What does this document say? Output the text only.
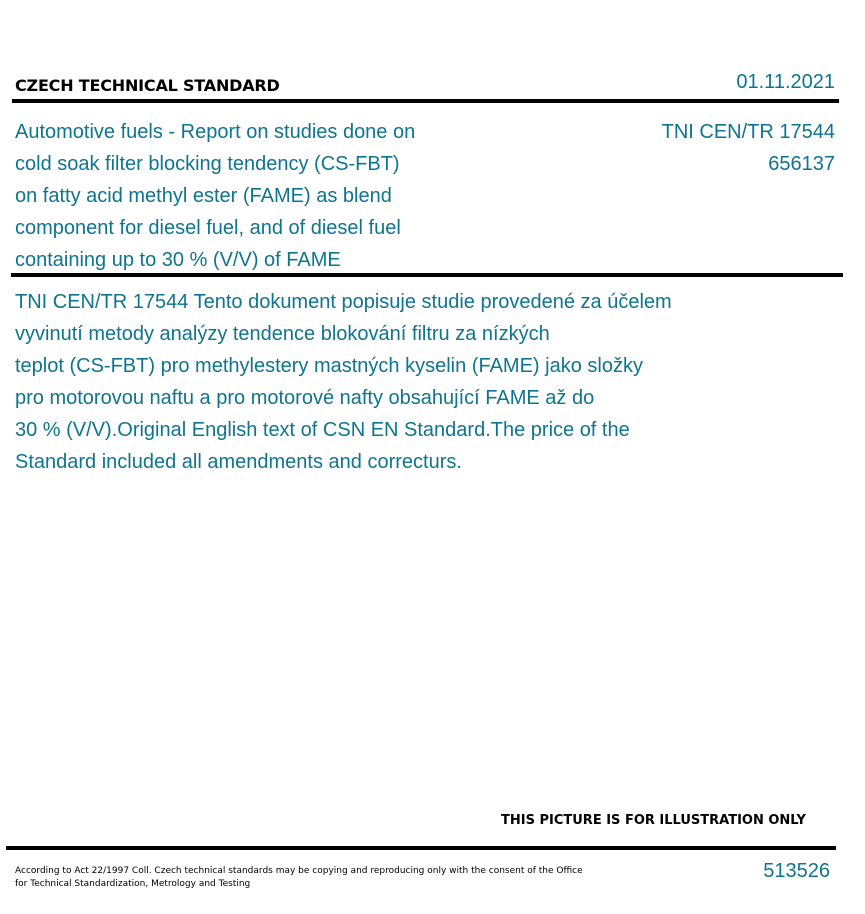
CZECH TECHNICAL STANDARD	01.11.2021
Automotive fuels - Report on studies done on
cold soak filter blocking tendency (CS-FBT)
on fatty acid methyl ester (FAME) as blend
component for diesel fuel, and of diesel fuel
containing up to 30 % (V/V) of FAME
TNI CEN/TR 17544
656137
TNI CEN/TR 17544 Tento dokument popisuje studie provedené za účelem
vyvinutí metody analýzy tendence blokování filtru za nízkých
teplot (CS-FBT) pro methylestery mastných kyselin (FAME) jako složky
pro motorovou naftu a pro motorové nafty obsahující FAME až do
30 % (V/V).Original English text of CSN EN Standard.The price of the
Standard included all amendments and correcturs.
THIS PICTURE IS FOR ILLUSTRATION ONLY
According to Act 22/1997 Coll. Czech technical standards may be copying and reproducing only with the consent of the Office
for Technical Standardization, Metrology and Testing
513526
